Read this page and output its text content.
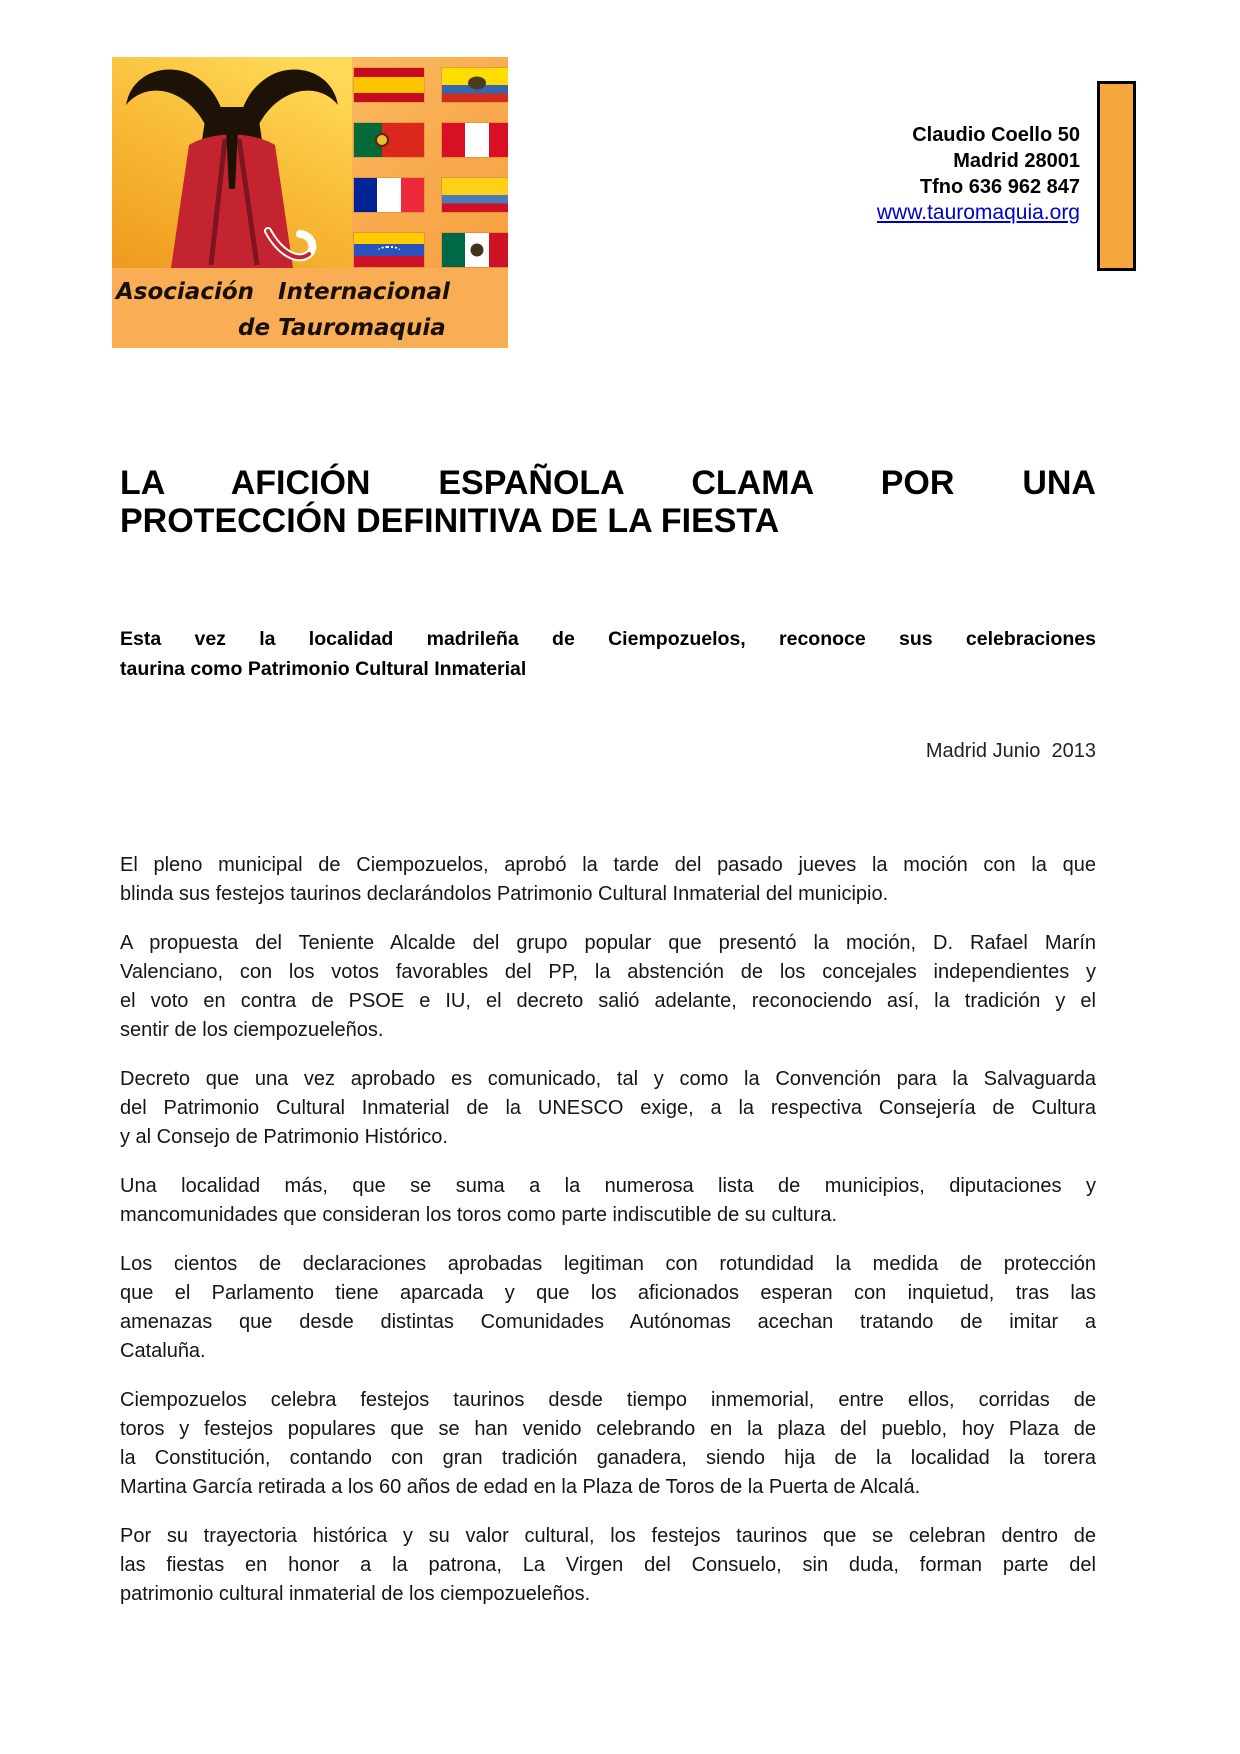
Asociación   Internacional
de Tauromaquia
Claudio Coello 50
Madrid 28001
Tfno 636 962 847
www.tauromaquia.org
LA AFICIÓN ESPAÑOLA CLAMA POR UNA
PROTECCIÓN DEFINITIVA DE LA FIESTA
Esta vez la localidad madrileña de Ciempozuelos, reconoce sus celebraciones
taurina como Patrimonio Cultural Inmaterial
Madrid Junio  2013

El pleno municipal de Ciempozuelos, aprobó la tarde del pasado jueves la moción con la que
blinda sus festejos taurinos declarándolos Patrimonio Cultural Inmaterial del municipio.

A propuesta del Teniente Alcalde del grupo popular que presentó la moción, D. Rafael Marín
Valenciano, con los votos favorables del PP, la abstención de los concejales independientes y
el voto en contra de PSOE e IU, el decreto salió adelante, reconociendo así, la tradición y el
sentir de los ciempozueleños.

Decreto que una vez aprobado es comunicado, tal y como la Convención para la Salvaguarda
del Patrimonio Cultural Inmaterial de la UNESCO exige, a la respectiva Consejería de Cultura
y al Consejo de Patrimonio Histórico.

Una localidad más, que se suma a la numerosa lista de municipios, diputaciones y
mancomunidades que consideran los toros como parte indiscutible de su cultura.

Los cientos de declaraciones aprobadas legitiman con rotundidad la medida de protección
que el Parlamento tiene aparcada y que los aficionados esperan con inquietud, tras las
amenazas que desde distintas Comunidades Autónomas acechan tratando de imitar a
Cataluña.

Ciempozuelos celebra festejos taurinos desde tiempo inmemorial, entre ellos, corridas de
toros y festejos populares que se han venido celebrando en la plaza del pueblo, hoy Plaza de
la Constitución, contando con gran tradición ganadera, siendo hija de la localidad la torera
Martina García retirada a los 60 años de edad en la Plaza de Toros de la Puerta de Alcalá.

Por su trayectoria histórica y su valor cultural, los festejos taurinos que se celebran dentro de
las fiestas en honor a la patrona, La Virgen del Consuelo, sin duda, forman parte del
patrimonio cultural inmaterial de los ciempozueleños.
